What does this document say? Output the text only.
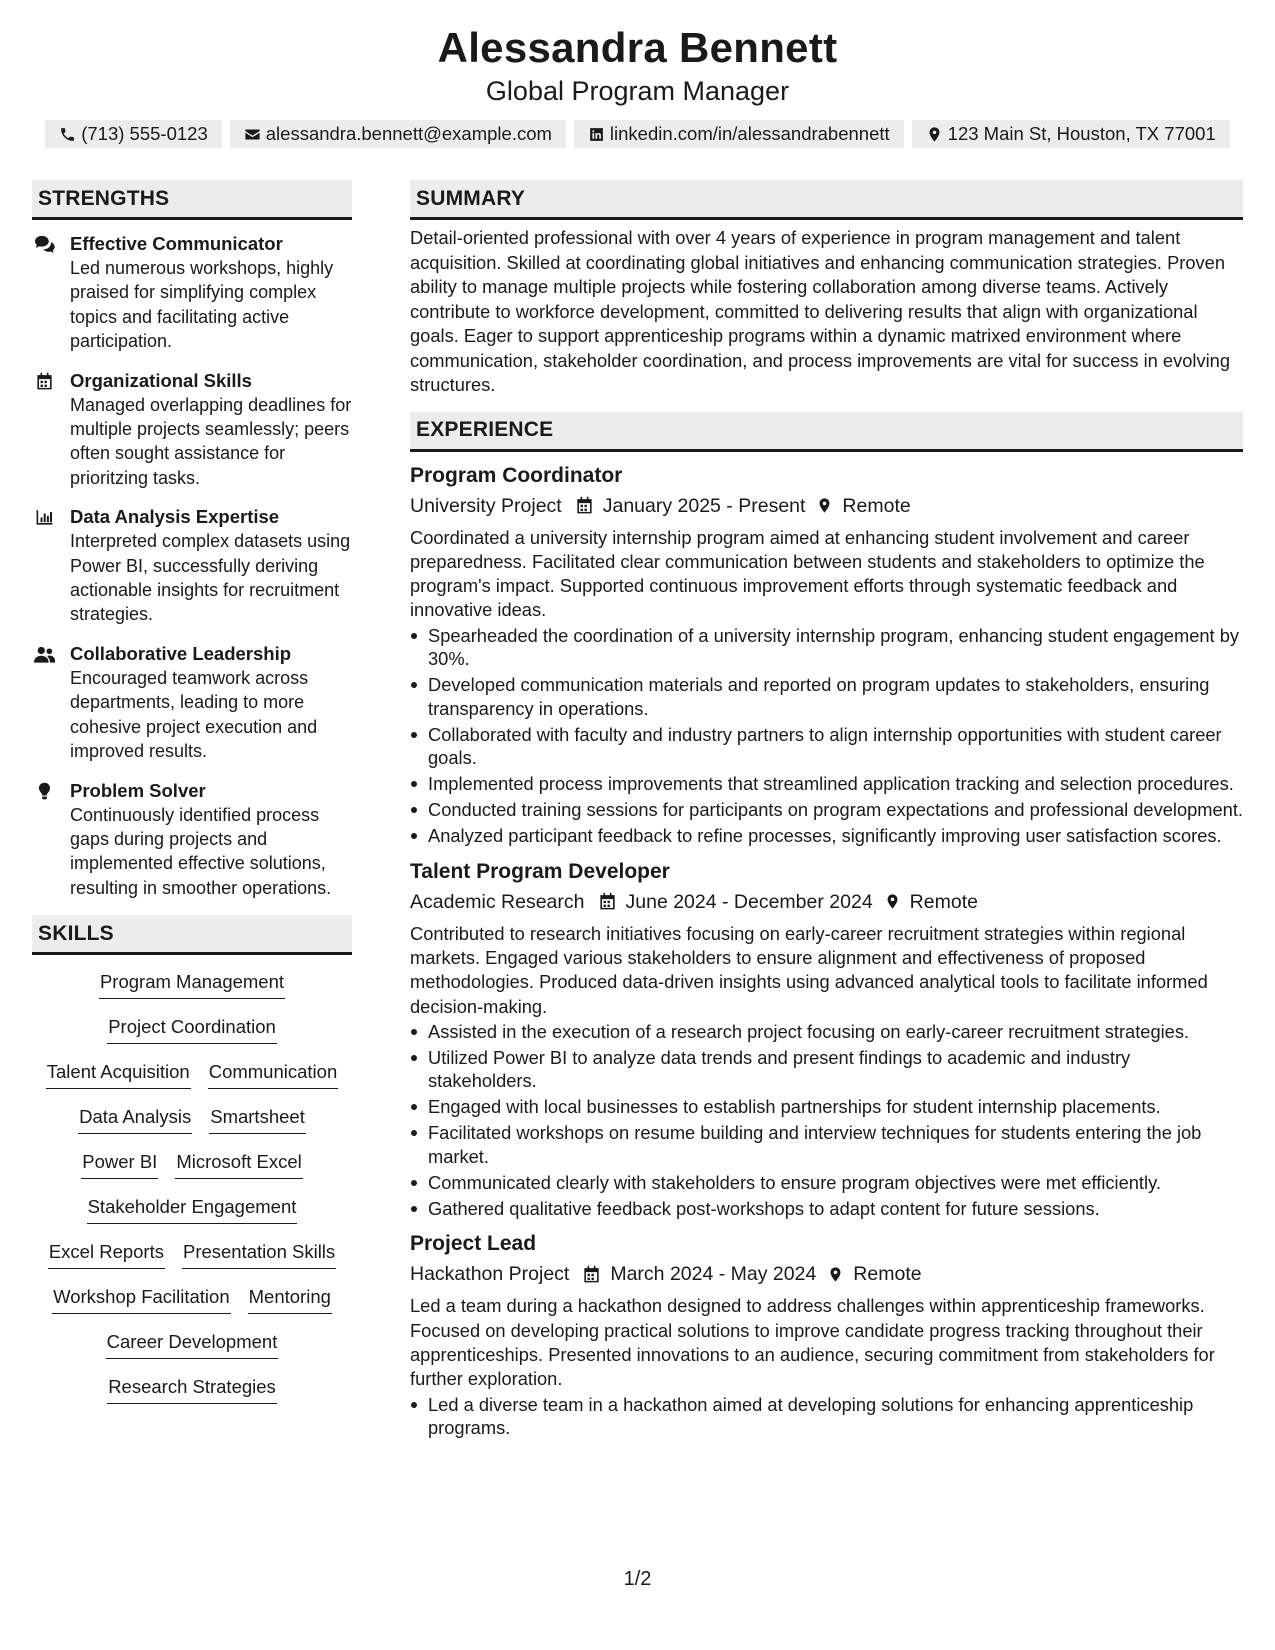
Alessandra Bennett
Global Program Manager
(713) 555-0123	alessandra.bennett@example.com	linkedin.com/in/alessandrabennett	123 Main St, Houston, TX 77001
STRENGTHS
Effective Communicator
Led numerous workshops, highly praised for simplifying complex topics and facilitating active participation.
Organizational Skills
Managed overlapping deadlines for multiple projects seamlessly; peers often sought assistance for prioritzing tasks.
Data Analysis Expertise
Interpreted complex datasets using Power BI, successfully deriving actionable insights for recruitment strategies.
Collaborative Leadership
Encouraged teamwork across departments, leading to more cohesive project execution and improved results.
Problem Solver
Continuously identified process gaps during projects and implemented effective solutions, resulting in smoother operations.
SKILLS
Program Management
Project Coordination
Talent Acquisition Communication
Data Analysis Smartsheet
Power BI Microsoft Excel
Stakeholder Engagement
Excel Reports Presentation Skills
Workshop Facilitation Mentoring
Career Development
Research Strategies
SUMMARY
Detail-oriented professional with over 4 years of experience in program management and talent acquisition. Skilled at coordinating global initiatives and enhancing communication strategies. Proven ability to manage multiple projects while fostering collaboration among diverse teams. Actively contribute to workforce development, committed to delivering results that align with organizational goals. Eager to support apprenticeship programs within a dynamic matrixed environment where communication, stakeholder coordination, and process improvements are vital for success in evolving structures.
EXPERIENCE
Program Coordinator
University Project January 2025 - Present Remote
Coordinated a university internship program aimed at enhancing student involvement and career preparedness. Facilitated clear communication between students and stakeholders to optimize the program's impact. Supported continuous improvement efforts through systematic feedback and innovative ideas.
Spearheaded the coordination of a university internship program, enhancing student engagement by 30%.
Developed communication materials and reported on program updates to stakeholders, ensuring transparency in operations.
Collaborated with faculty and industry partners to align internship opportunities with student career goals.
Implemented process improvements that streamlined application tracking and selection procedures.
Conducted training sessions for participants on program expectations and professional development.
Analyzed participant feedback to refine processes, significantly improving user satisfaction scores.
Talent Program Developer
Academic Research June 2024 - December 2024 Remote
Contributed to research initiatives focusing on early-career recruitment strategies within regional markets. Engaged various stakeholders to ensure alignment and effectiveness of proposed methodologies. Produced data-driven insights using advanced analytical tools to facilitate informed decision-making.
Assisted in the execution of a research project focusing on early-career recruitment strategies.
Utilized Power BI to analyze data trends and present findings to academic and industry stakeholders.
Engaged with local businesses to establish partnerships for student internship placements.
Facilitated workshops on resume building and interview techniques for students entering the job market.
Communicated clearly with stakeholders to ensure program objectives were met efficiently.
Gathered qualitative feedback post-workshops to adapt content for future sessions.
Project Lead
Hackathon Project March 2024 - May 2024 Remote
Led a team during a hackathon designed to address challenges within apprenticeship frameworks. Focused on developing practical solutions to improve candidate progress tracking throughout their apprenticeships. Presented innovations to an audience, securing commitment from stakeholders for further exploration.
Led a diverse team in a hackathon aimed at developing solutions for enhancing apprenticeship programs.
1/2
